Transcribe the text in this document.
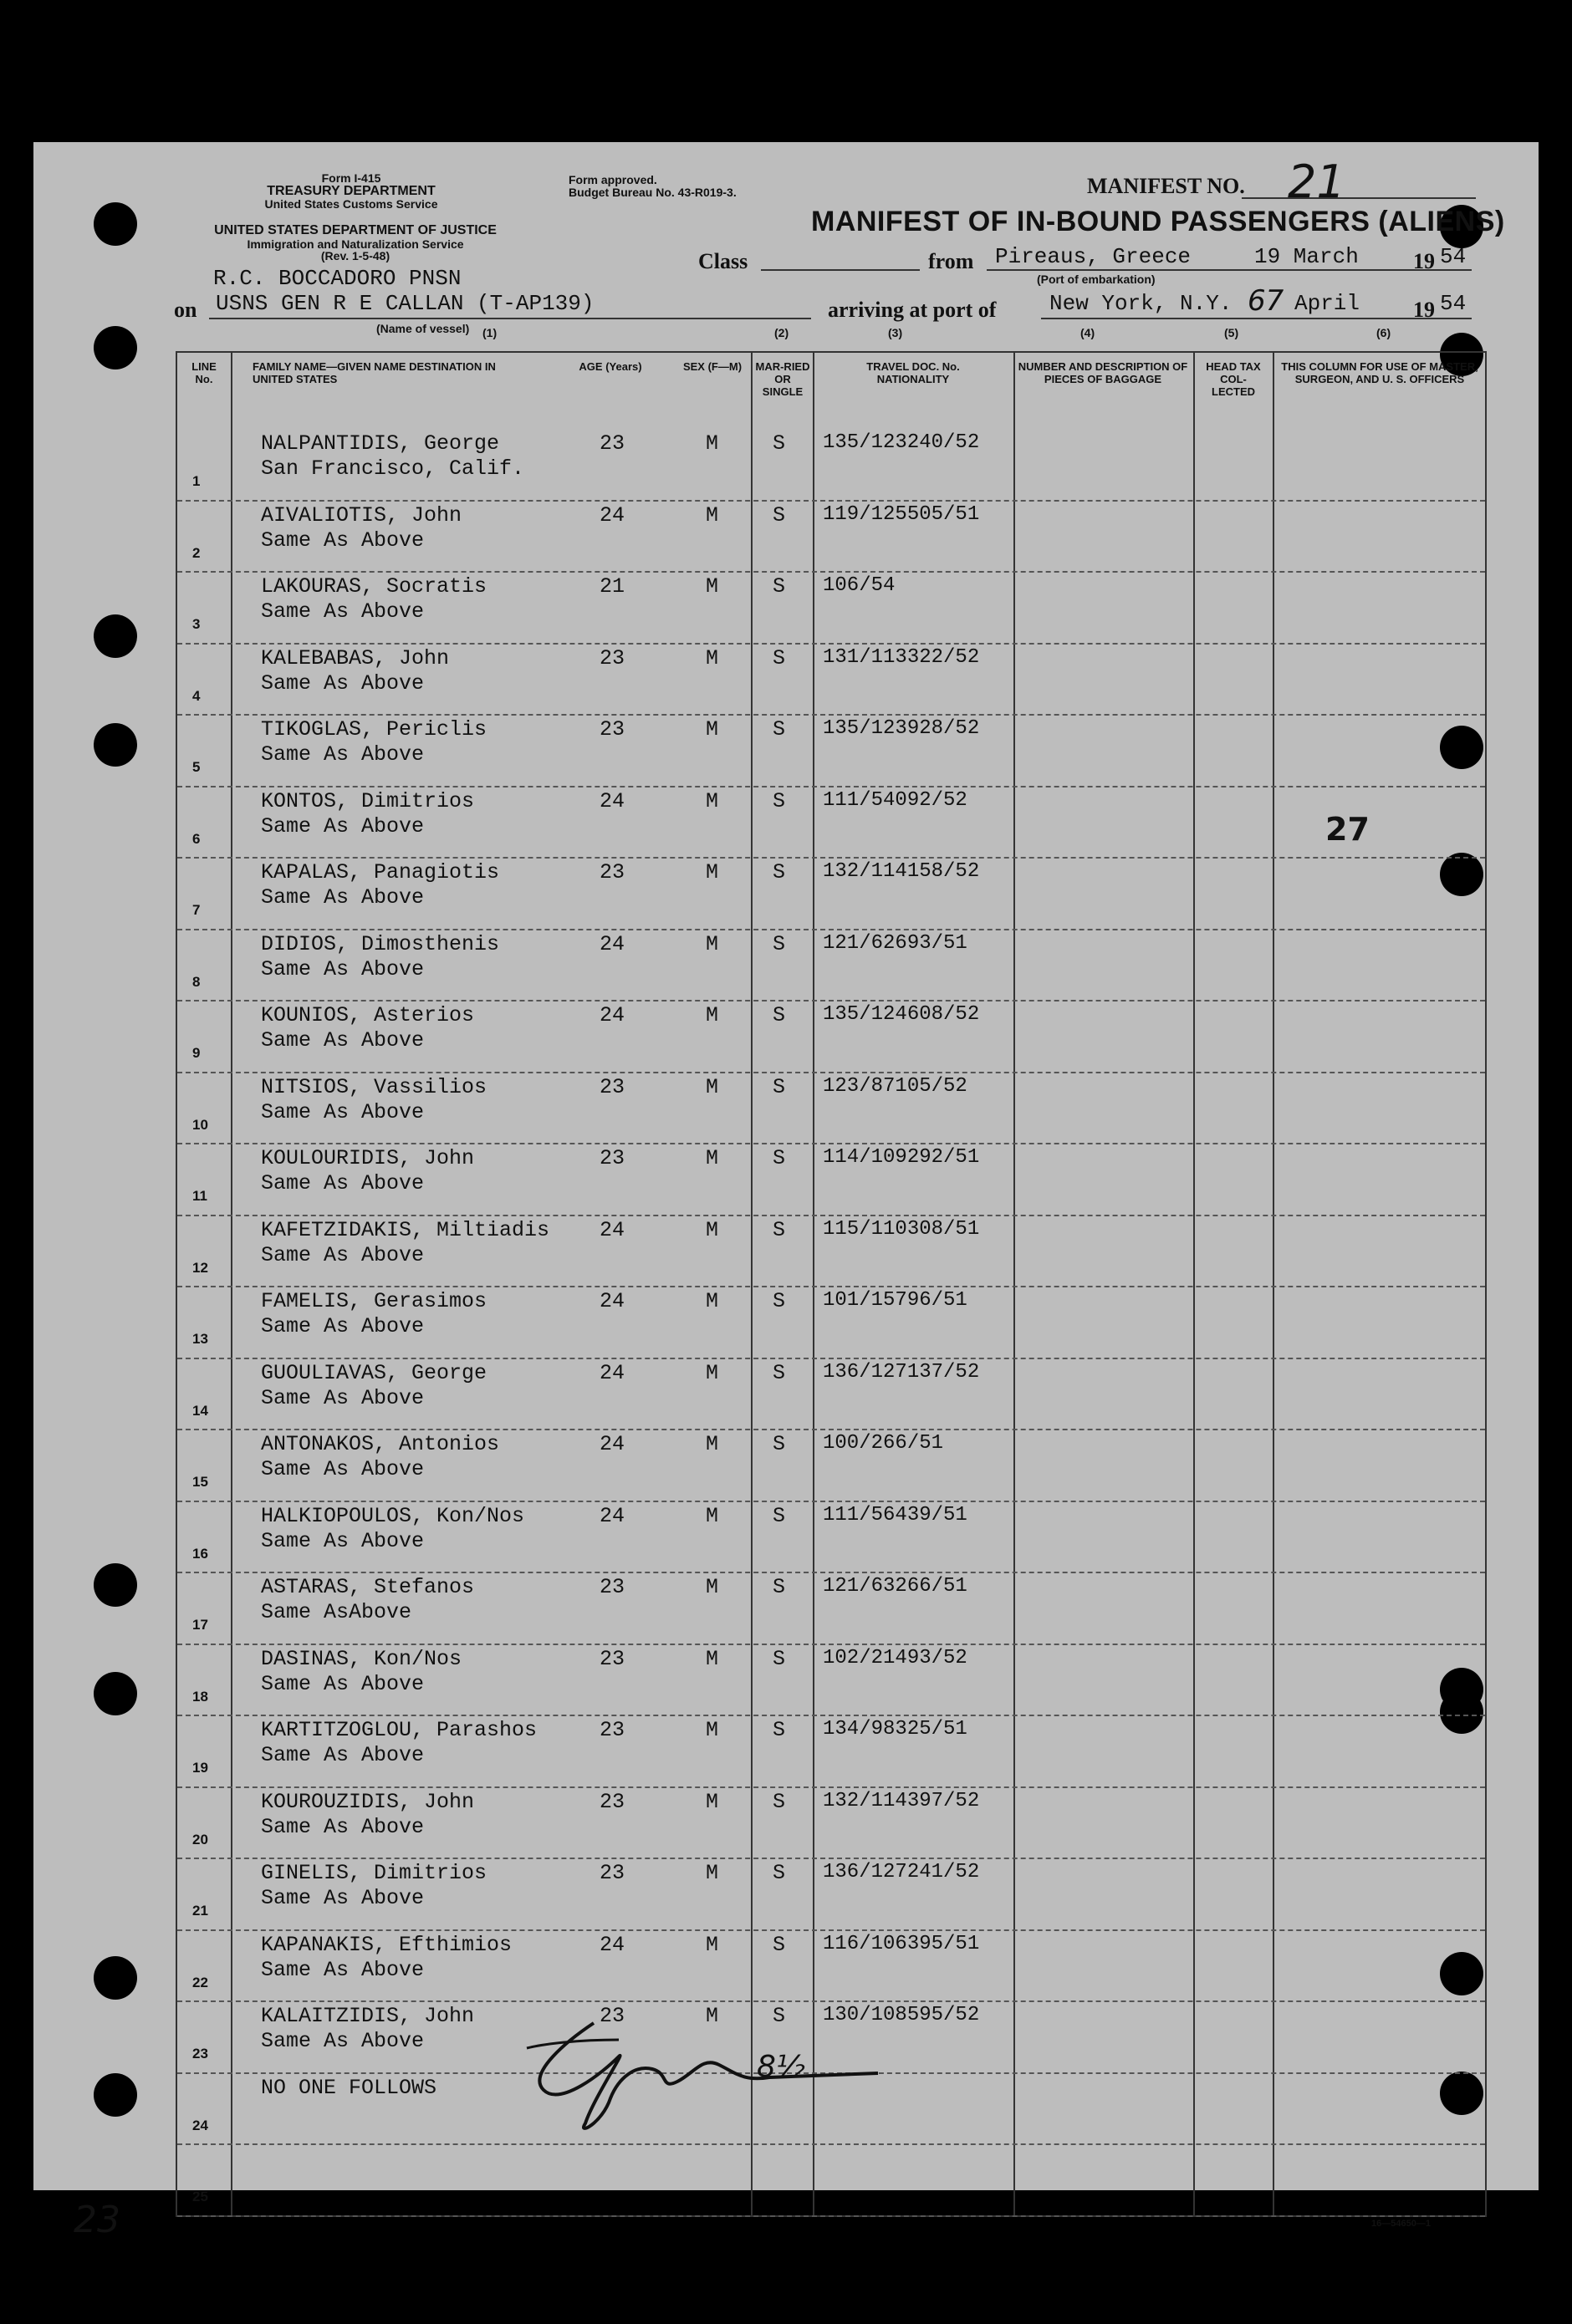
Form I-415
TREASURY DEPARTMENT
United States Customs Service
UNITED STATES DEPARTMENT OF JUSTICE
Immigration and Naturalization Service
(Rev. 1-5-48)
Form approved.
Budget Bureau No. 43-R019-3.	MANIFEST NO. 21
MANIFEST OF IN-BOUND PASSENGERS (ALIENS)
R.C. BOCCADORO PNSN
Class	from Pireaus, Greece	19 March	19 54
(Port of embarkation)
on USNS GEN R E CALLAN (T-AP139)
(Name of vessel)
arriving at port of New York, N.Y. 67 April 19 54
(1)	(2)	(3)	(4)	(5)	(6)
LINE No.
FAMILY NAME—GIVEN NAME DESTINATION IN UNITED STATES
AGE (Years)	SEX (F—M)	MAR-RIED OR SINGLE
TRAVEL DOC. No. NATIONALITY
NUMBER AND DESCRIPTION OF PIECES OF BAGGAGE
HEAD TAX COL-LECTED
THIS COLUMN FOR USE OF MASTER, SURGEON, AND U. S. OFFICERS
1
NALPANTIDIS, George
San Francisco, Calif.
23	M	S 135/123240/52
2
AIVALIOTIS, John
Same As Above
24	M	S 119/125505/51
3
LAKOURAS, Socratis
Same As Above
21	M	S 106/54
4
KALEBABAS, John
Same As Above
23	M	S 131/113322/52
5
TIKOGLAS, Periclis
Same As Above
23	M	S 135/123928/52
6
KONTOS, Dimitrios
Same As Above
24	M	S 111/54092/52
7
KAPALAS, Panagiotis
Same As Above
23	M	S 132/114158/52
8
DIDIOS, Dimosthenis
Same As Above
24	M	S 121/62693/51
9
KOUNIOS, Asterios
Same As Above
24	M	S 135/124608/52
10
NITSIOS, Vassilios
Same As Above
23	M	S 123/87105/52
11
KOULOURIDIS, John
Same As Above
23	M	S 114/109292/51
12
KAFETZIDAKIS, Miltiadis
Same As Above
24	M	S 115/110308/51
13
FAMELIS, Gerasimos
Same As Above
24	M	S 101/15796/51
14
GUOULIAVAS, George
Same As Above
24	M	S 136/127137/52
15
ANTONAKOS, Antonios
Same As Above
24	M	S 100/266/51
16
HALKIOPOULOS, Kon/Nos
Same As Above
24	M	S 111/56439/51
17
ASTARAS, Stefanos
Same AsAbove
23	M	S 121/63266/51
18
DASINAS, Kon/Nos
Same As Above
23	M	S 102/21493/52
19
KARTITZOGLOU, Parashos
Same As Above
23	M	S 134/98325/51
20
KOUROUZIDIS, John
Same As Above
23	M	S 132/114397/52
21
GINELIS, Dimitrios
Same As Above
23	M	S 136/127241/52
22
KAPANAKIS, Efthimios
Same As Above
24	M	S 116/106395/51
23
KALAITZIDIS, John
Same As Above
23	M	S 130/108595/52
24
NO ONE FOLLOWS
25
27
23
8½
16—54650—1
